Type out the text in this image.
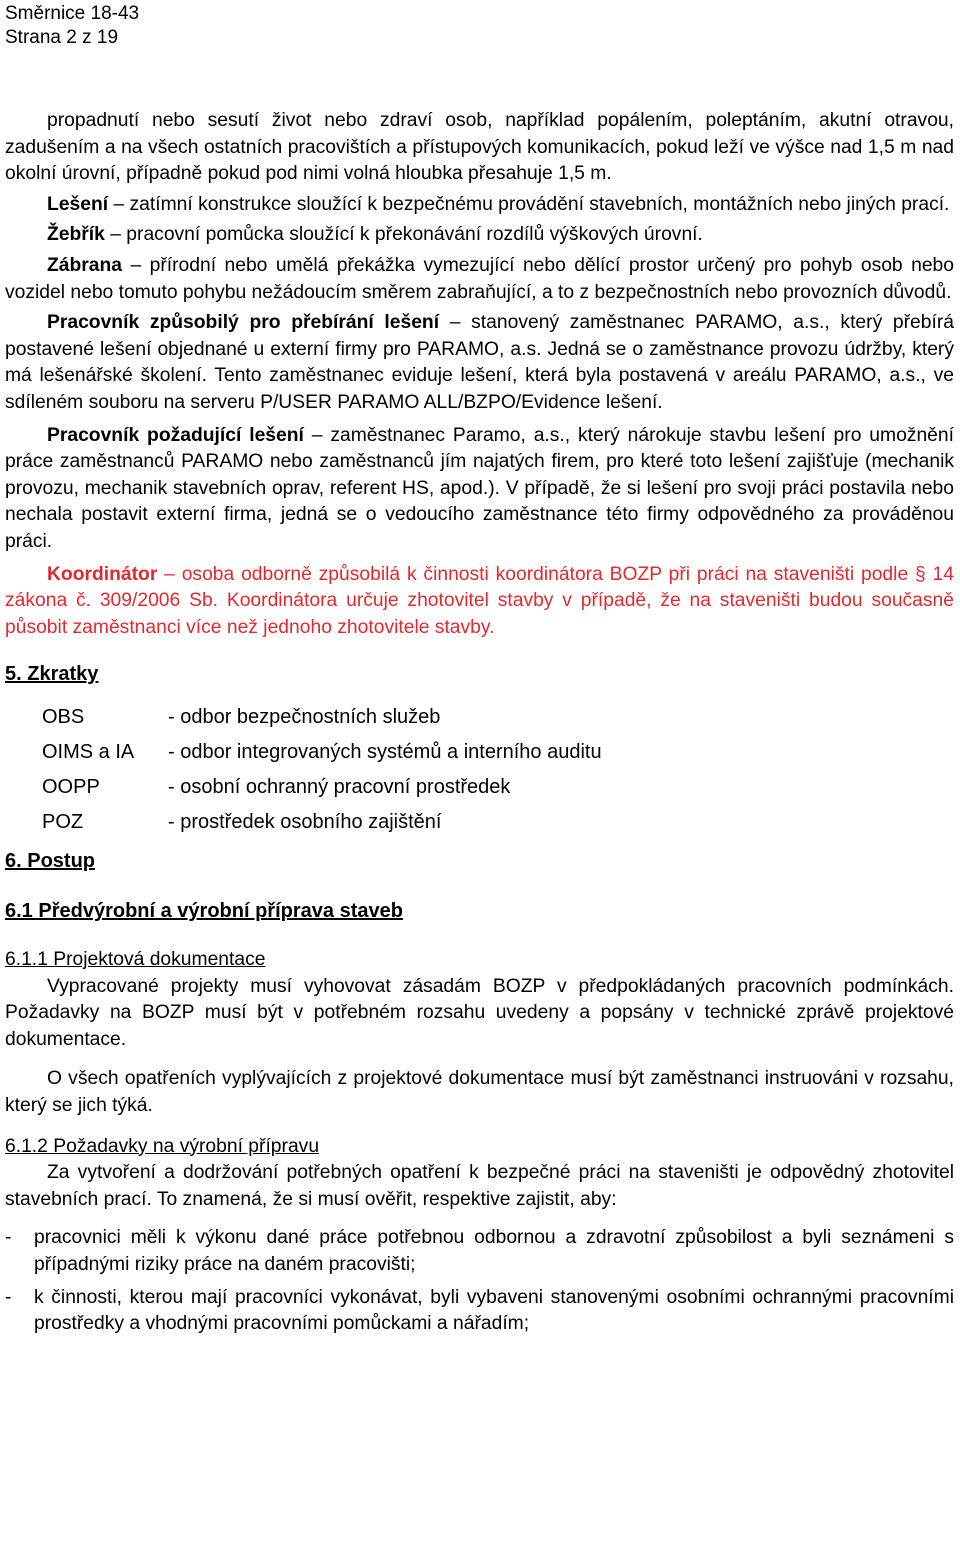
Směrnice 18-43
Strana 2 z 19

propadnutí nebo sesutí život nebo zdraví osob, například popálením, poleptáním, akutní otravou, zadušením a na všech ostatních pracovištích a přístupových komunikacích, pokud leží ve výšce nad 1,5 m nad okolní úrovní, případně pokud pod nimi volná hloubka přesahuje 1,5 m.

Lešení – zatímní konstrukce sloužící k bezpečnému provádění stavebních, montážních nebo jiných prací.

Žebřík – pracovní pomůcka sloužící k překonávání rozdílů výškových úrovní.

Zábrana – přírodní nebo umělá překážka vymezující nebo dělící prostor určený pro pohyb osob nebo vozidel nebo tomuto pohybu nežádoucím směrem zabraňující, a to z bezpečnostních nebo provozních důvodů.

Pracovník způsobilý pro přebírání lešení – stanovený zaměstnanec PARAMO, a.s., který přebírá postavené lešení objednané u externí firmy pro PARAMO, a.s. Jedná se o zaměstnance provozu údržby, který má lešenářské školení. Tento zaměstnanec eviduje lešení, která byla postavená v areálu PARAMO, a.s., ve sdíleném souboru na serveru P/USER PARAMO ALL/BZPO/Evidence lešení.

Pracovník požadující lešení – zaměstnanec Paramo, a.s., který nárokuje stavbu lešení pro umožnění práce zaměstnanců PARAMO nebo zaměstnanců jím najatých firem, pro které toto lešení zajišťuje (mechanik provozu, mechanik stavebních oprav, referent HS, apod.). V případě, že si lešení pro svoji práci postavila nebo nechala postavit externí firma, jedná se o vedoucího zaměstnance této firmy odpovědného za prováděnou práci.

Koordinátor – osoba odborně způsobilá k činnosti koordinátora BOZP při práci na staveništi podle § 14 zákona č. 309/2006 Sb. Koordinátora určuje zhotovitel stavby v případě, že na staveništi budou současně působit zaměstnanci více než jednoho zhotovitele stavby.

5. Zkratky

OBS	- odbor bezpečnostních služeb
OIMS a IA	- odbor integrovaných systémů a interního auditu
OOPP	- osobní ochranný pracovní prostředek
POZ	- prostředek osobního zajištění

6. Postup

6.1 Předvýrobní a výrobní příprava staveb

6.1.1 Projektová dokumentace

Vypracované projekty musí vyhovovat zásadám BOZP v předpokládaných pracovních podmínkách. Požadavky na BOZP musí být v potřebném rozsahu uvedeny a popsány v technické zprávě projektové dokumentace.

O všech opatřeních vyplývajících z projektové dokumentace musí být zaměstnanci instruováni v rozsahu, který se jich týká.

6.1.2 Požadavky na výrobní přípravu

Za vytvoření a dodržování potřebných opatření k bezpečné práci na staveništi je odpovědný zhotovitel stavebních prací. To znamená, že si musí ověřit, respektive zajistit, aby:

-	pracovnici měli k výkonu dané práce potřebnou odbornou a zdravotní způsobilost a byli seznámeni s případnými riziky práce na daném pracovišti;
-	k činnosti, kterou mají pracovníci vykonávat, byli vybaveni stanovenými osobními ochrannými pracovními prostředky a vhodnými pracovními pomůckami a nářadím;
